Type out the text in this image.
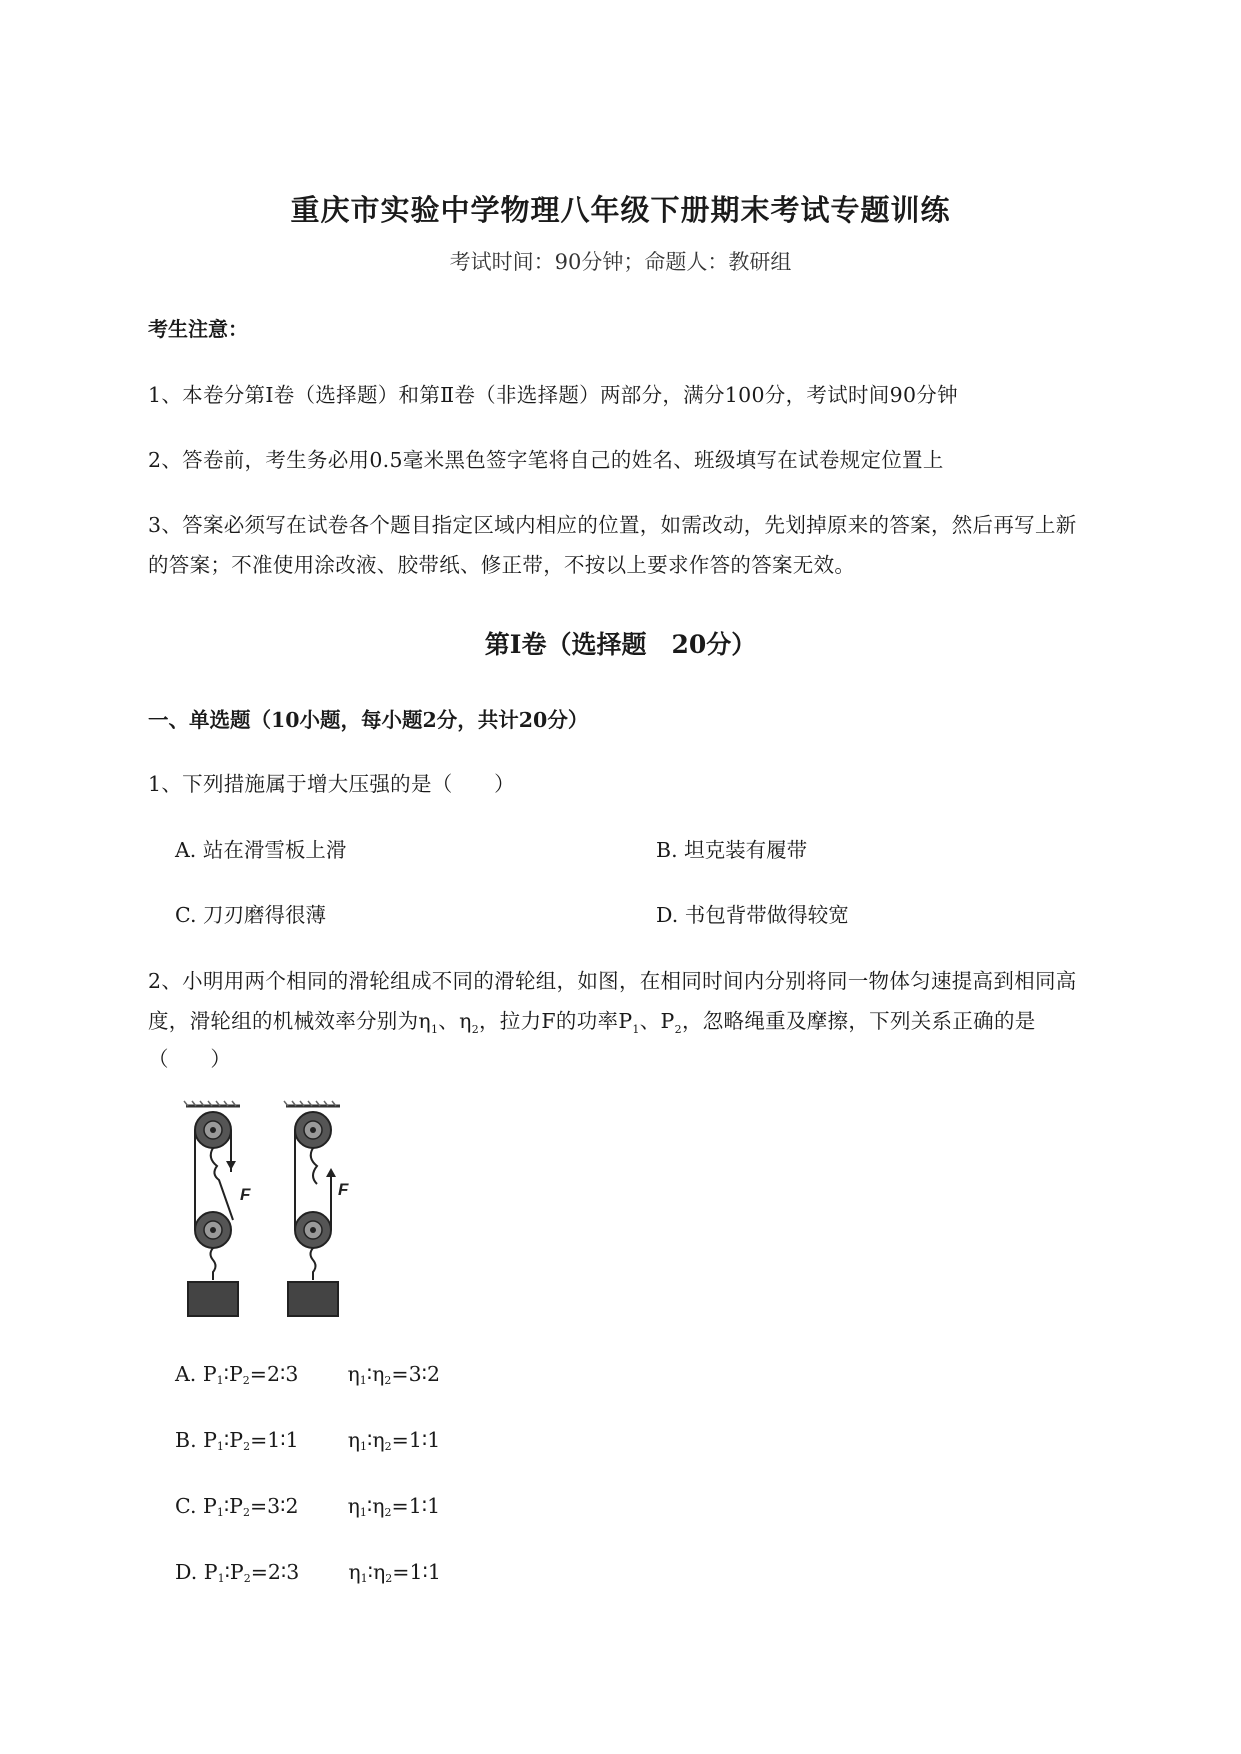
重庆市实验中学物理八年级下册期末考试专题训练
考试时间：90分钟；命题人：教研组
考生注意：
1、本卷分第I卷（选择题）和第Ⅱ卷（非选择题）两部分，满分100分，考试时间90分钟
2、答卷前，考生务必用0.5毫米黑色签字笔将自己的姓名、班级填写在试卷规定位置上
3、答案必须写在试卷各个题目指定区域内相应的位置，如需改动，先划掉原来的答案，然后再写上新
的答案；不准使用涂改液、胶带纸、修正带，不按以上要求作答的答案无效。
第I卷（选择题　20分）
一、单选题（10小题，每小题2分，共计20分）
1、下列措施属于增大压强的是（　　）
A. 站在滑雪板上滑	B. 坦克装有履带
C. 刀刃磨得很薄	D. 书包背带做得较宽
2、小明用两个相同的滑轮组成不同的滑轮组，如图，在相同时间内分别将同一物体匀速提高到相同高
度，滑轮组的机械效率分别为$\eta_1$、$\eta_2$，拉力F的功率$P_1$、$P_2$，忽略绳重及摩擦，下列关系正确的是
（　　）
F	F
A. $P_1∶P_2=2∶3$ $\eta_1∶\eta_2=3∶2$
B. $P_1∶P_2=1∶1$ $\eta_1∶\eta_2=1∶1$
C. $P_1∶P_2=3∶2$ $\eta_1∶\eta_2=1∶1$
D. $P_1∶P_2=2∶3$ $\eta_1∶\eta_2=1∶1$
